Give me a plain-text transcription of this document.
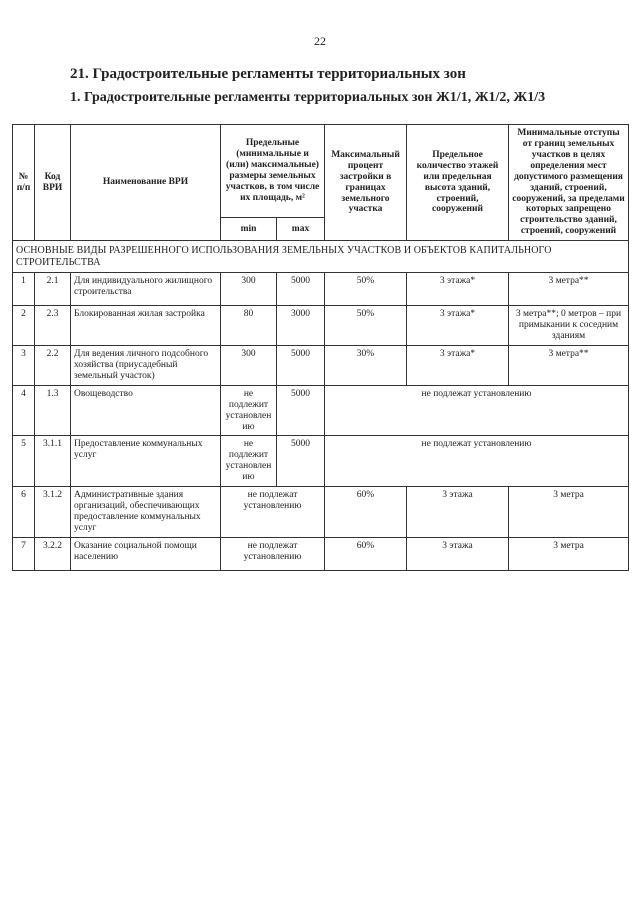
22
21. Градостроительные регламенты территориальных зон
1. Градостроительные регламенты территориальных зон Ж1/1, Ж1/2, Ж1/3
№ п/п	Код ВРИ	Наименование ВРИ	Предельные (минимальные и (или) максимальные) размеры земельных участков, в том числе их площадь, м²		Максимальный процент застройки в границах земельного участка	Предельное количество этажей или предельная высота зданий, строений, сооружений	Минимальные отступы от границ земельных участков в целях определения мест допустимого размещения зданий, строений, сооружений, за пределами которых запрещено строительство зданий, строений, сооружений
			min	max			
ОСНОВНЫЕ ВИДЫ РАЗРЕШЕННОГО ИСПОЛЬЗОВАНИЯ ЗЕМЕЛЬНЫХ УЧАСТКОВ И ОБЪЕКТОВ КАПИТАЛЬНОГО СТРОИТЕЛЬСТВА							
1	2.1	Для индивидуального жилищного строительства	300	5000	50%	3 этажа*	3 метра**
2	2.3	Блокированная жилая застройка	80	3000	50%	3 этажа*	3 метра**; 0 метров – при примыкании к соседним зданиям
3	2.2	Для ведения личного подсобного хозяйства (приусадебный земельный участок)	300	5000	30%	3 этажа*	3 метра**
4	1.3	Овощеводство	не подлежит установлению	5000	не подлежат установлению		
5	3.1.1	Предоставление коммунальных услуг	не подлежит установлению	5000	не подлежат установлению		
6	3.1.2	Административные здания организаций, обеспечивающих предоставление коммунальных услуг	не подлежат установлению		60%	3 этажа	3 метра
7	3.2.2	Оказание социальной помощи населению	не подлежат установлению		60%	3 этажа	3 метра
